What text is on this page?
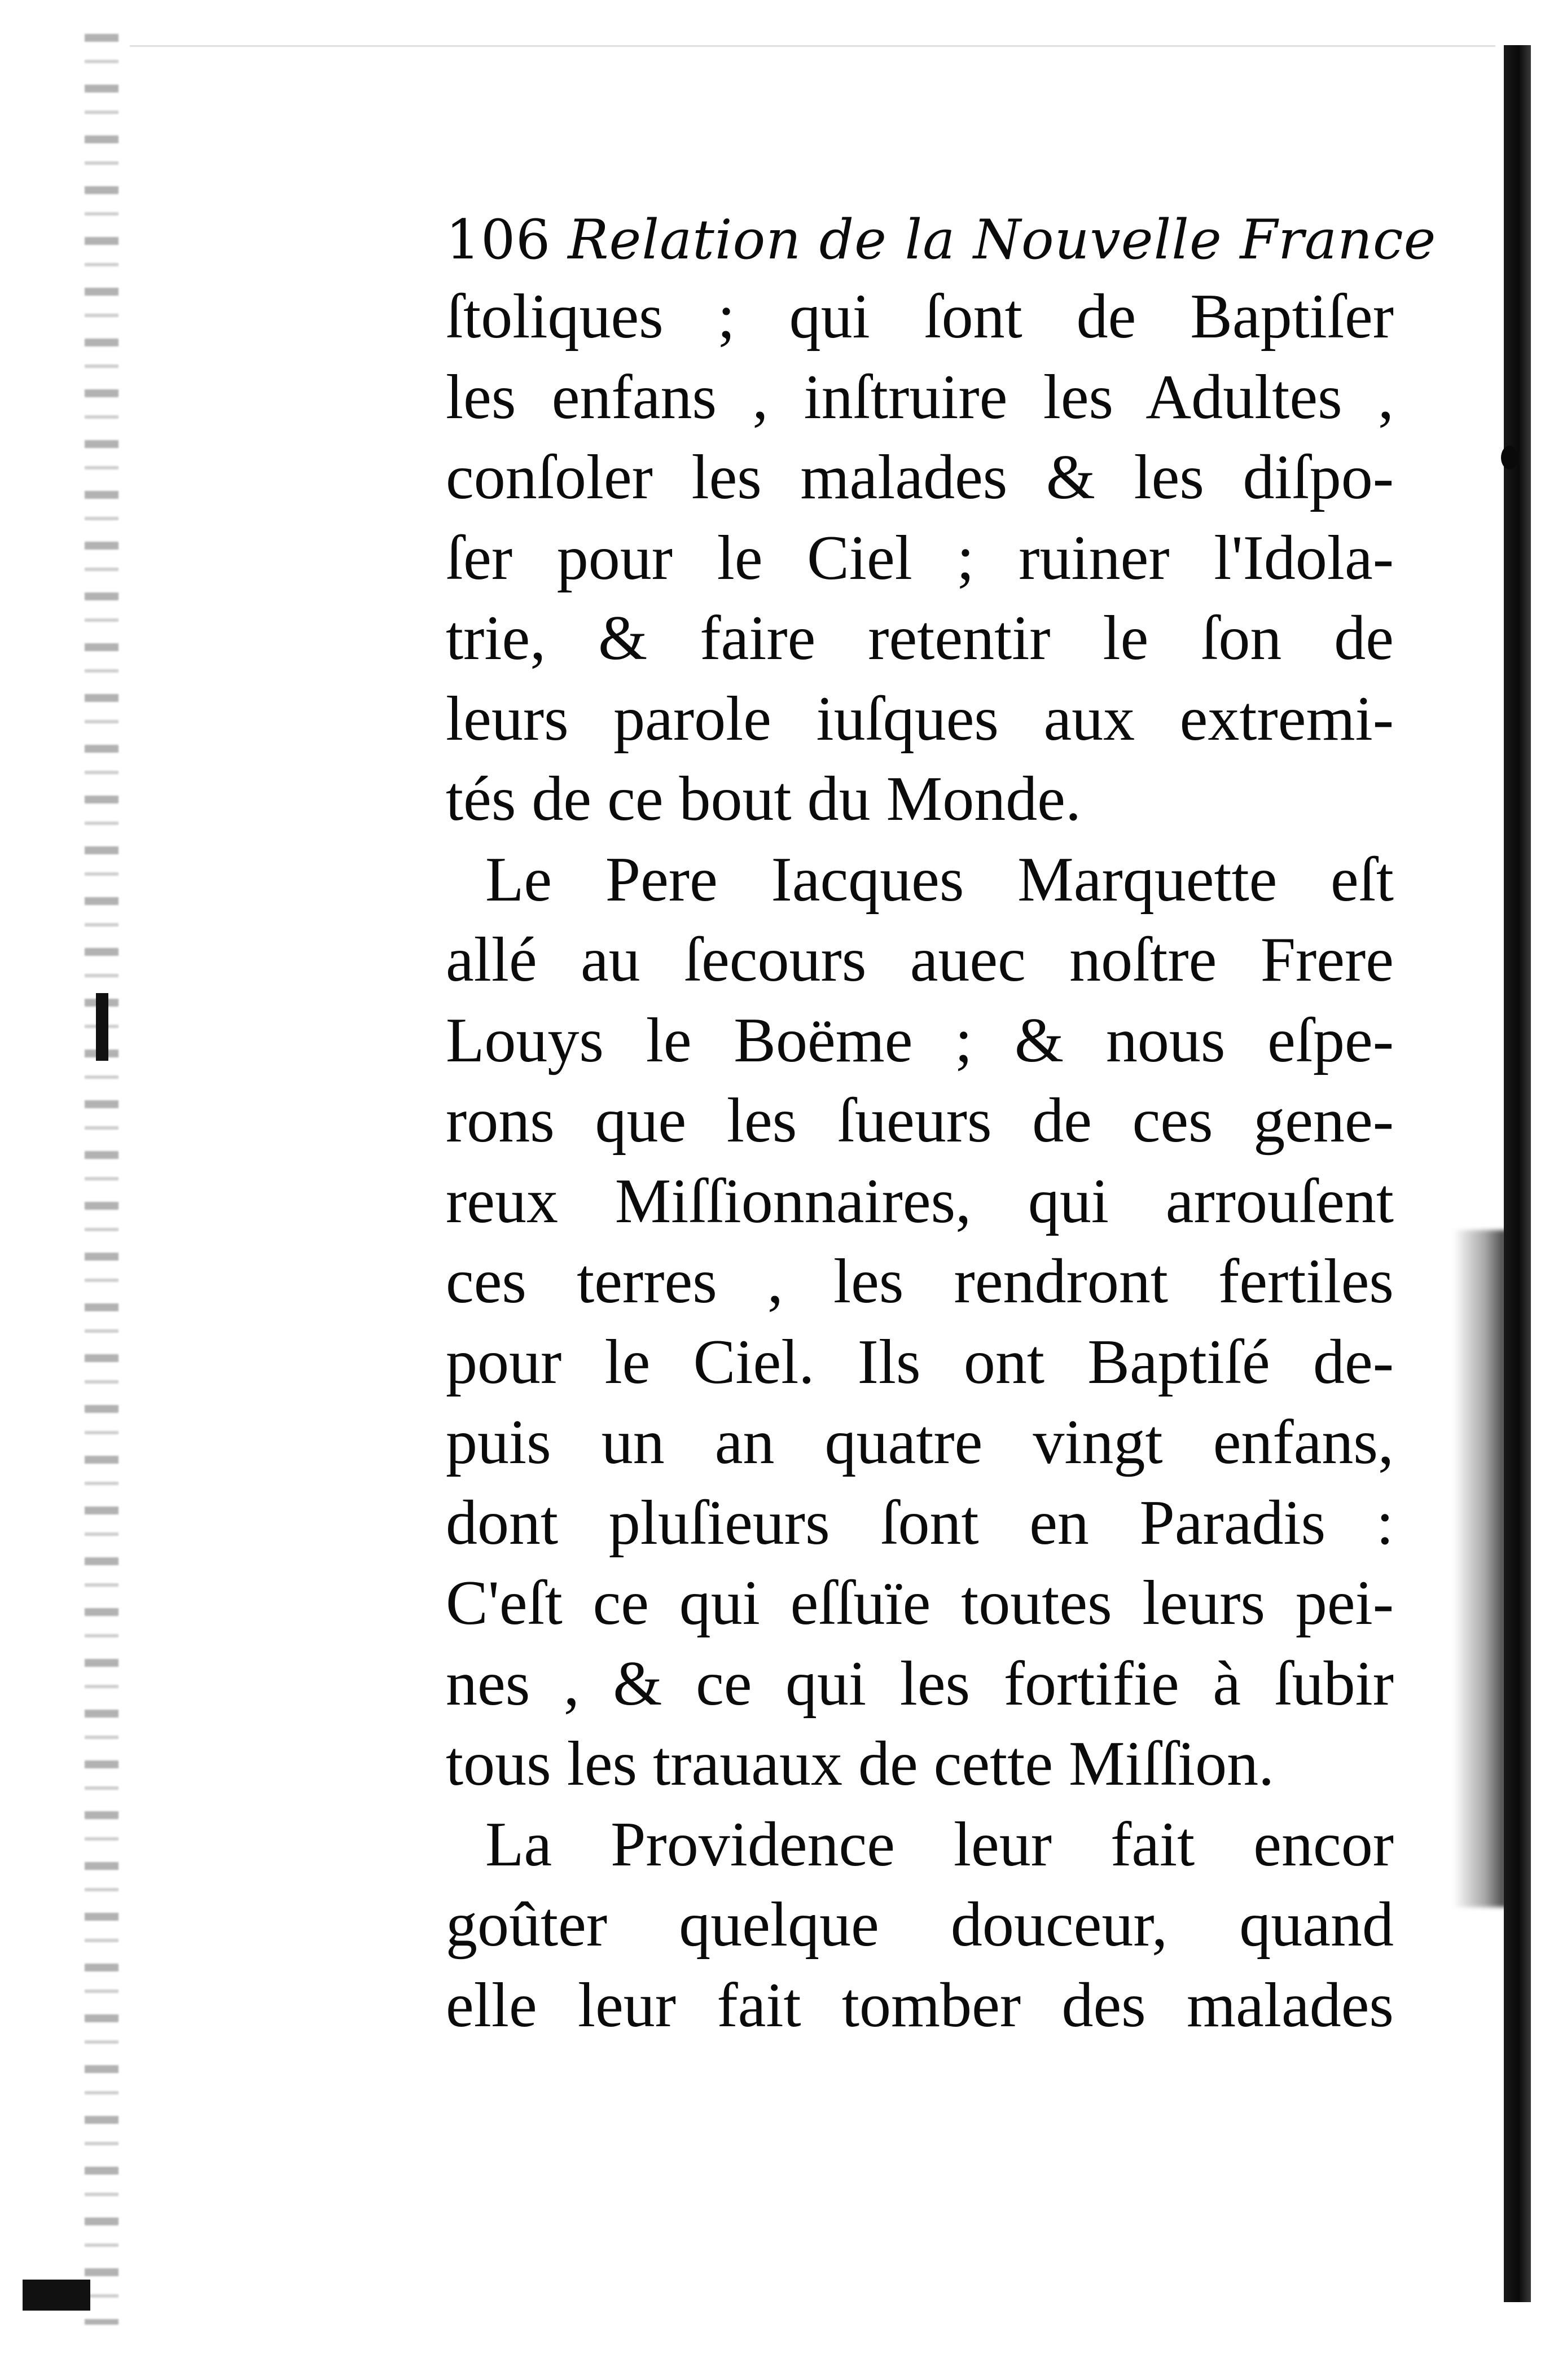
106 Relation de la Nouvelle France
ſtoliques ; qui ſont de Baptiſer
les enfans , inſtruire les Adultes ,
conſoler les malades & les diſpo-
ſer pour le Ciel ; ruiner l'Idola-
trie, & faire retentir le ſon de
leurs parole iuſques aux extremi-
tés de ce bout du Monde.
Le Pere Iacques Marquette eſt
allé au ſecours auec noſtre Frere
Louys le Boëme ; & nous eſpe-
rons que les ſueurs de ces gene-
reux Miſſionnaires, qui arrouſent
ces terres , les rendront fertiles
pour le Ciel. Ils ont Baptiſé de-
puis un an quatre vingt enfans,
dont pluſieurs ſont en Paradis :
C'eſt ce qui eſſuïe toutes leurs pei-
nes , & ce qui les fortifie à ſubir
tous les trauaux de cette Miſſion.
La Providence leur fait encor
goûter quelque douceur, quand
elle leur fait tomber des malades
